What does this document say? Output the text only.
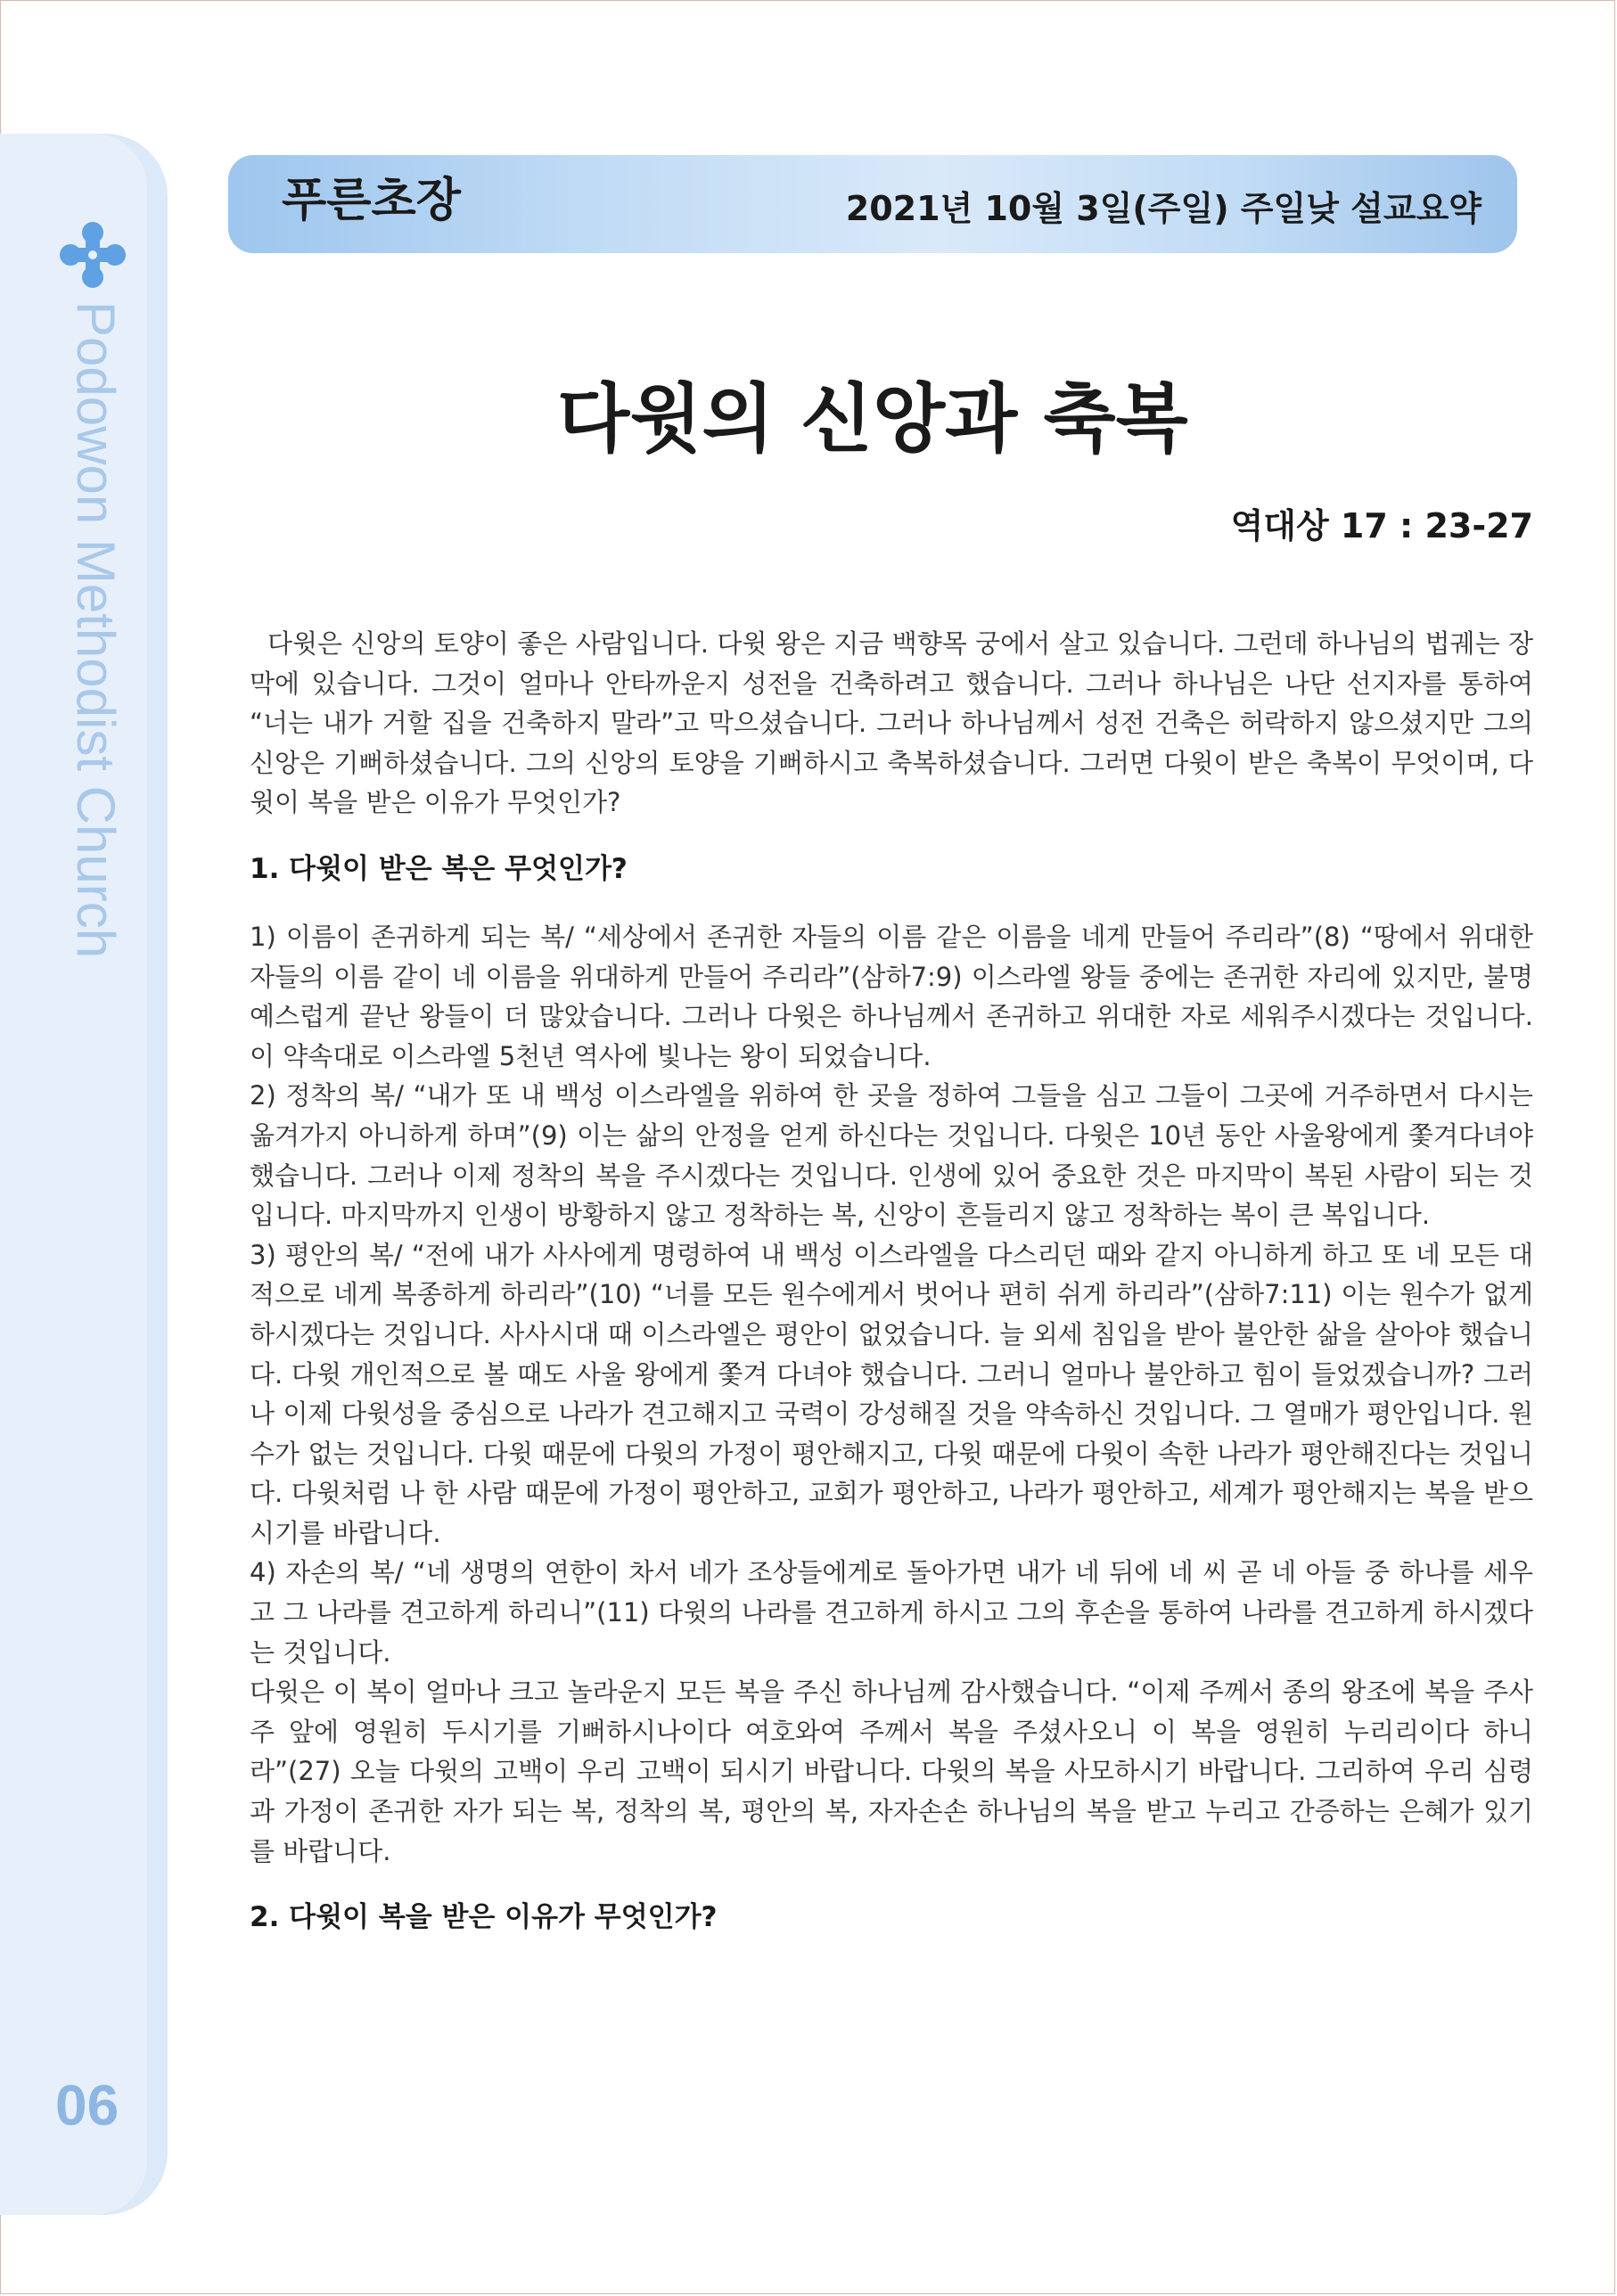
Podowon Methodist Church
06
푸른초장	2021년 10월 3일(주일) 주일낮 설교요약
다윗의 신앙과 축복
역대상 17 : 23-27

다윗은 신앙의 토양이 좋은 사람입니다. 다윗 왕은 지금 백향목 궁에서 살고 있습니다. 그런데 하나님의 법궤는 장막에 있습니다. 그것이 얼마나 안타까운지 성전을 건축하려고 했습니다. 그러나 하나님은 나단 선지자를 통하여 “너는 내가 거할 집을 건축하지 말라”고 막으셨습니다. 그러나 하나님께서 성전 건축은 허락하지 않으셨지만 그의 신앙은 기뻐하셨습니다. 그의 신앙의 토양을 기뻐하시고 축복하셨습니다. 그러면 다윗이 받은 축복이 무엇이며, 다윗이 복을 받은 이유가 무엇인가?

1. 다윗이 받은 복은 무엇인가?

1) 이름이 존귀하게 되는 복/ “세상에서 존귀한 자들의 이름 같은 이름을 네게 만들어 주리라”(8) “땅에서 위대한 자들의 이름 같이 네 이름을 위대하게 만들어 주리라”(삼하7:9) 이스라엘 왕들 중에는 존귀한 자리에 있지만, 불명예스럽게 끝난 왕들이 더 많았습니다. 그러나 다윗은 하나님께서 존귀하고 위대한 자로 세워주시겠다는 것입니다. 이 약속대로 이스라엘 5천년 역사에 빛나는 왕이 되었습니다.

2) 정착의 복/ “내가 또 내 백성 이스라엘을 위하여 한 곳을 정하여 그들을 심고 그들이 그곳에 거주하면서 다시는 옮겨가지 아니하게 하며”(9) 이는 삶의 안정을 얻게 하신다는 것입니다. 다윗은 10년 동안 사울왕에게 쫓겨다녀야 했습니다. 그러나 이제 정착의 복을 주시겠다는 것입니다. 인생에 있어 중요한 것은 마지막이 복된 사람이 되는 것입니다. 마지막까지 인생이 방황하지 않고 정착하는 복, 신앙이 흔들리지 않고 정착하는 복이 큰 복입니다.

3) 평안의 복/ “전에 내가 사사에게 명령하여 내 백성 이스라엘을 다스리던 때와 같지 아니하게 하고 또 네 모든 대적으로 네게 복종하게 하리라”(10) “너를 모든 원수에게서 벗어나 편히 쉬게 하리라”(삼하7:11) 이는 원수가 없게 하시겠다는 것입니다. 사사시대 때 이스라엘은 평안이 없었습니다. 늘 외세 침입을 받아 불안한 삶을 살아야 했습니다. 다윗 개인적으로 볼 때도 사울 왕에게 쫓겨 다녀야 했습니다. 그러니 얼마나 불안하고 힘이 들었겠습니까? 그러나 이제 다윗성을 중심으로 나라가 견고해지고 국력이 강성해질 것을 약속하신 것입니다. 그 열매가 평안입니다. 원수가 없는 것입니다. 다윗 때문에 다윗의 가정이 평안해지고, 다윗 때문에 다윗이 속한 나라가 평안해진다는 것입니다. 다윗처럼 나 한 사람 때문에 가정이 평안하고, 교회가 평안하고, 나라가 평안하고, 세계가 평안해지는 복을 받으시기를 바랍니다.

4) 자손의 복/ “네 생명의 연한이 차서 네가 조상들에게로 돌아가면 내가 네 뒤에 네 씨 곧 네 아들 중 하나를 세우고 그 나라를 견고하게 하리니”(11) 다윗의 나라를 견고하게 하시고 그의 후손을 통하여 나라를 견고하게 하시겠다는 것입니다.

다윗은 이 복이 얼마나 크고 놀라운지 모든 복을 주신 하나님께 감사했습니다. “이제 주께서 종의 왕조에 복을 주사 주 앞에 영원히 두시기를 기뻐하시나이다 여호와여 주께서 복을 주셨사오니 이 복을 영원히 누리리이다 하니라”(27) 오늘 다윗의 고백이 우리 고백이 되시기 바랍니다. 다윗의 복을 사모하시기 바랍니다. 그리하여 우리 심령과 가정이 존귀한 자가 되는 복, 정착의 복, 평안의 복, 자자손손 하나님의 복을 받고 누리고 간증하는 은혜가 있기를 바랍니다.

2. 다윗이 복을 받은 이유가 무엇인가?
